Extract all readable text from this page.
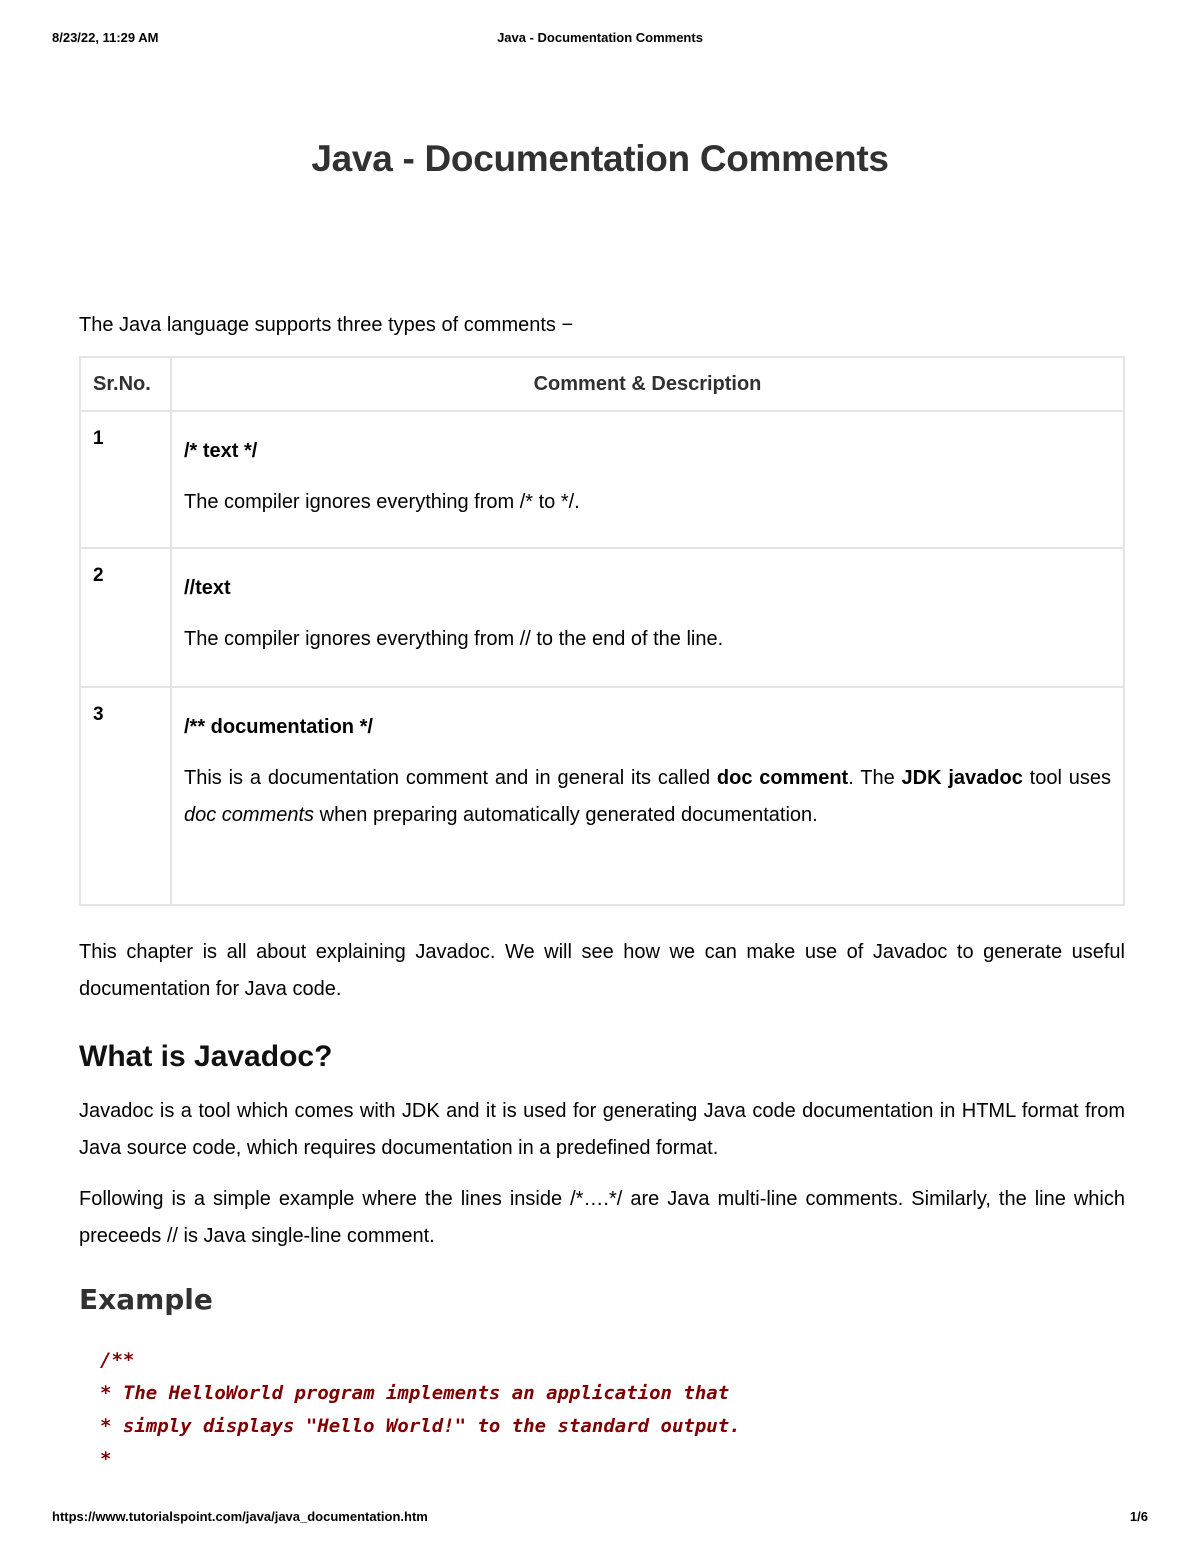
8/23/22, 11:29 AM	Java - Documentation Comments
Java - Documentation Comments

The Java language supports three types of comments −

Sr.No.	Comment & Description
1	/* text */

The compiler ignores everything from /* to */.

2	//text

The compiler ignores everything from // to the end of the line.

3	/** documentation */

This is a documentation comment and in general its called doc comment. The JDK javadoc tool uses doc comments when preparing automatically generated documentation.

This chapter is all about explaining Javadoc. We will see how we can make use of Javadoc to generate useful documentation for Java code.

What is Javadoc?

Javadoc is a tool which comes with JDK and it is used for generating Java code documentation in HTML format from Java source code, which requires documentation in a predefined format.

Following is a simple example where the lines inside /*….*/ are Java multi-line comments. Similarly, the line which preceeds // is Java single-line comment.

Example
/**
* The HelloWorld program implements an application that
* simply displays "Hello World!" to the standard output.
*
https://www.tutorialspoint.com/java/java_documentation.htm	1/6
